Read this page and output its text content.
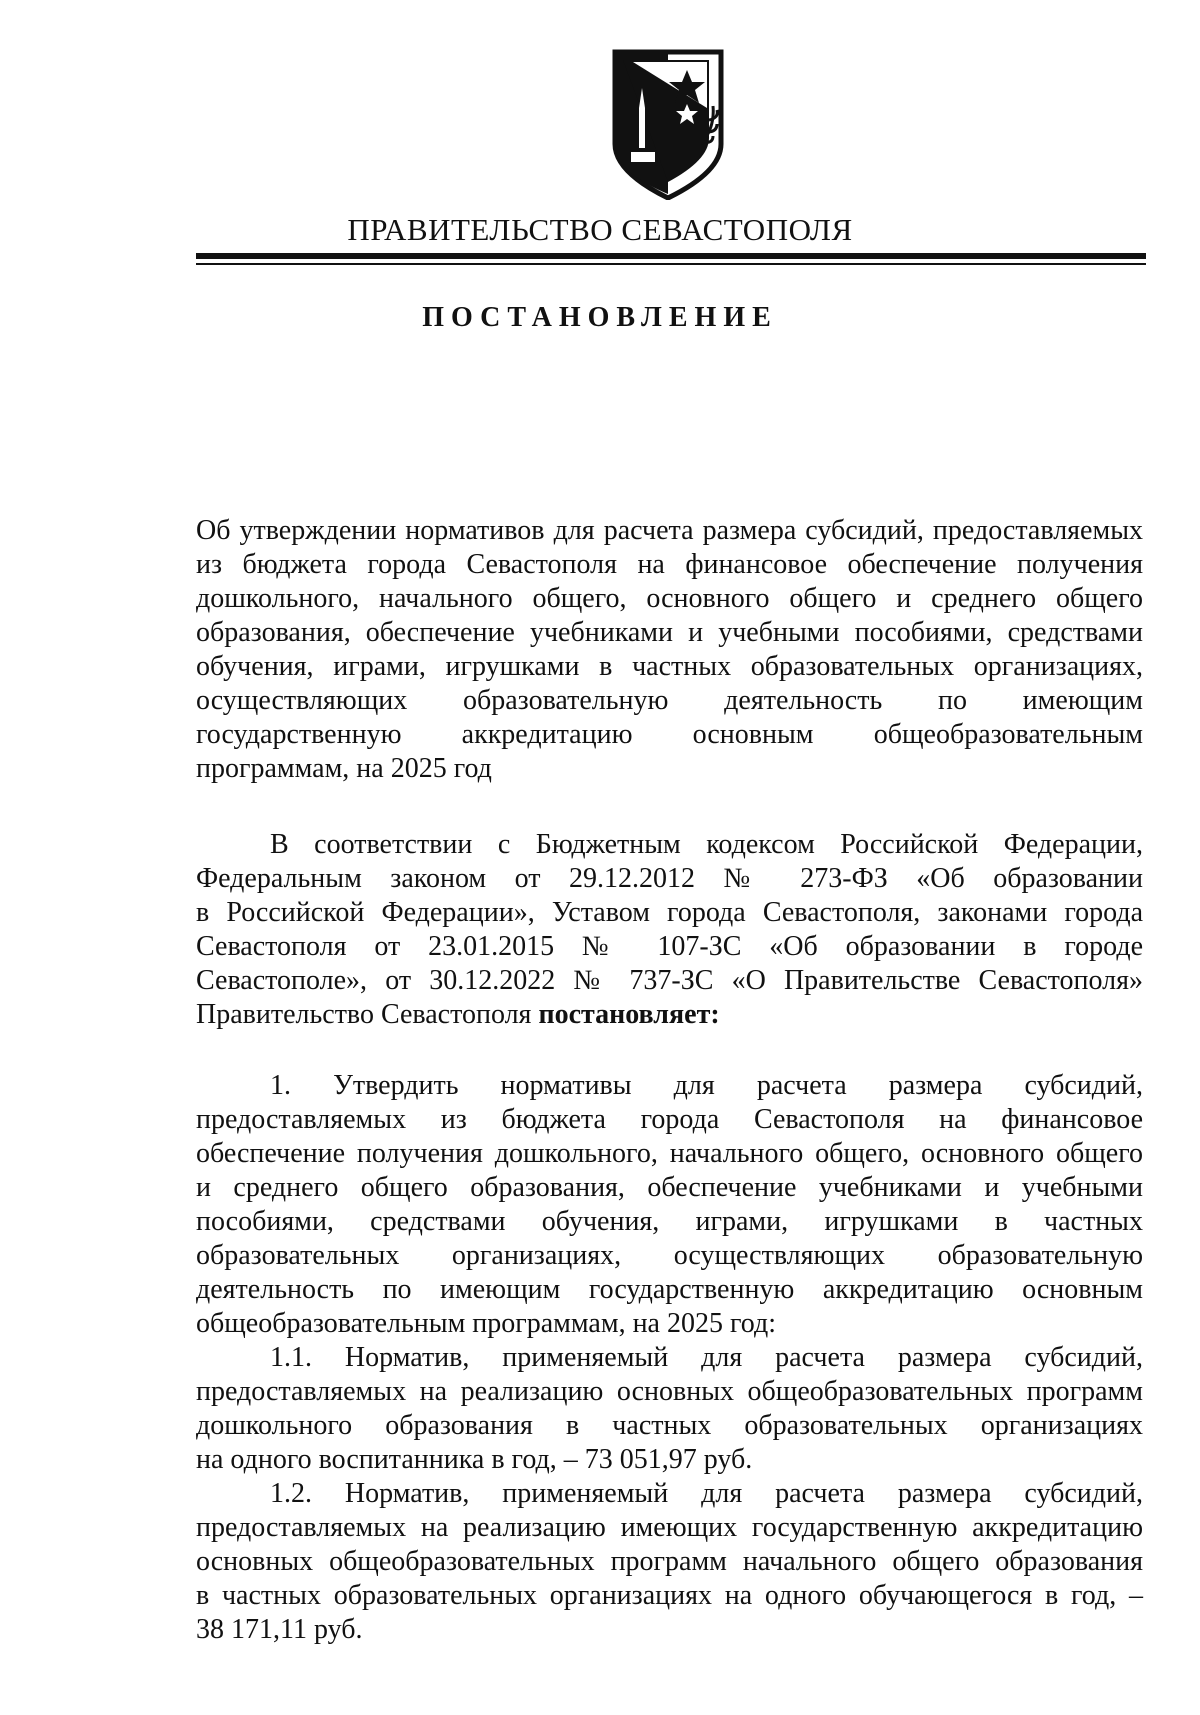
ПРАВИТЕЛЬСТВО СЕВАСТОПОЛЯ
ПОСТАНОВЛЕНИЕ
Об утверждении нормативов для расчета размера субсидий, предоставляемых
из бюджета города Севастополя на финансовое обеспечение получения
дошкольного, начального общего, основного общего и среднего общего
образования, обеспечение учебниками и учебными пособиями, средствами
обучения, играми, игрушками в частных образовательных организациях,
осуществляющих образовательную деятельность по имеющим
государственную аккредитацию основным общеобразовательным
программам, на 2025 год
В соответствии с Бюджетным кодексом Российской Федерации,
Федеральным законом от 29.12.2012 № 273-ФЗ «Об образовании
в Российской Федерации», Уставом города Севастополя, законами города
Севастополя от 23.01.2015 № 107-ЗС «Об образовании в городе
Севастополе», от 30.12.2022 № 737-ЗС «О Правительстве Севастополя»
Правительство Севастополя постановляет:
1. Утвердить нормативы для расчета размера субсидий,
предоставляемых из бюджета города Севастополя на финансовое
обеспечение получения дошкольного, начального общего, основного общего
и среднего общего образования, обеспечение учебниками и учебными
пособиями, средствами обучения, играми, игрушками в частных
образовательных организациях, осуществляющих образовательную
деятельность по имеющим государственную аккредитацию основным
общеобразовательным программам, на 2025 год:
1.1. Норматив, применяемый для расчета размера субсидий,
предоставляемых на реализацию основных общеобразовательных программ
дошкольного образования в частных образовательных организациях
на одного воспитанника в год, – 73 051,97 руб.
1.2. Норматив, применяемый для расчета размера субсидий,
предоставляемых на реализацию имеющих государственную аккредитацию
основных общеобразовательных программ начального общего образования
в частных образовательных организациях на одного обучающегося в год, –
38 171,11 руб.
